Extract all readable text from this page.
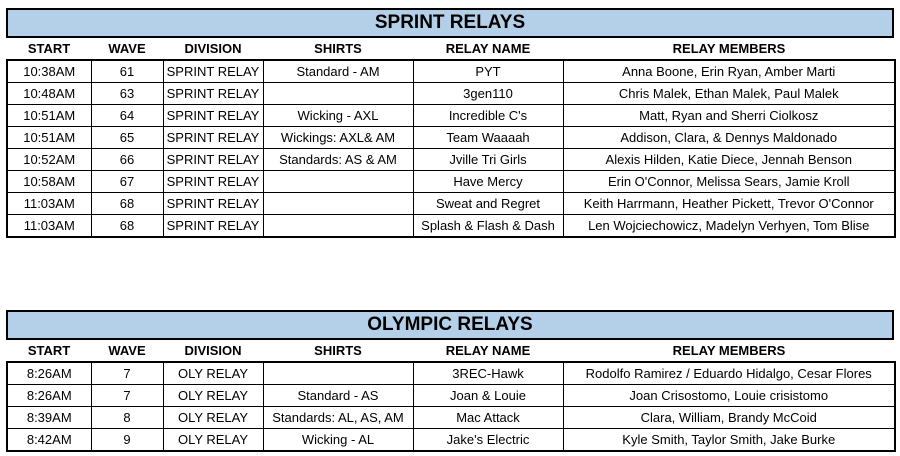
SPRINT RELAYS
START	WAVE	DIVISION	SHIRTS	RELAY NAME	RELAY MEMBERS
10:38AM	61	SPRINT RELAY	Standard - AM	PYT	Anna Boone, Erin Ryan, Amber Marti
10:48AM	63	SPRINT RELAY		3gen110	Chris Malek, Ethan Malek, Paul Malek
10:51AM	64	SPRINT RELAY	Wicking - AXL	Incredible C's	Matt, Ryan and Sherri Ciolkosz
10:51AM	65	SPRINT RELAY	Wickings: AXL& AM	Team Waaaah	Addison, Clara, & Dennys Maldonado
10:52AM	66	SPRINT RELAY	Standards: AS & AM	Jville Tri Girls	Alexis Hilden, Katie Diece, Jennah Benson
10:58AM	67	SPRINT RELAY		Have Mercy	Erin O'Connor, Melissa Sears, Jamie Kroll
11:03AM	68	SPRINT RELAY		Sweat and Regret	Keith Harrmann, Heather Pickett, Trevor O'Connor
11:03AM	68	SPRINT RELAY		Splash & Flash & Dash	Len Wojciechowicz, Madelyn Verhyen, Tom Blise
OLYMPIC RELAYS
START	WAVE	DIVISION	SHIRTS	RELAY NAME	RELAY MEMBERS
8:26AM	7	OLY RELAY		3REC-Hawk	Rodolfo Ramirez / Eduardo Hidalgo, Cesar Flores
8:26AM	7	OLY RELAY	Standard - AS	Joan & Louie	Joan Crisostomo, Louie crisistomo
8:39AM	8	OLY RELAY	Standards: AL, AS, AM	Mac Attack	Clara, William, Brandy McCoid
8:42AM	9	OLY RELAY	Wicking - AL	Jake's Electric	Kyle Smith, Taylor Smith, Jake Burke
